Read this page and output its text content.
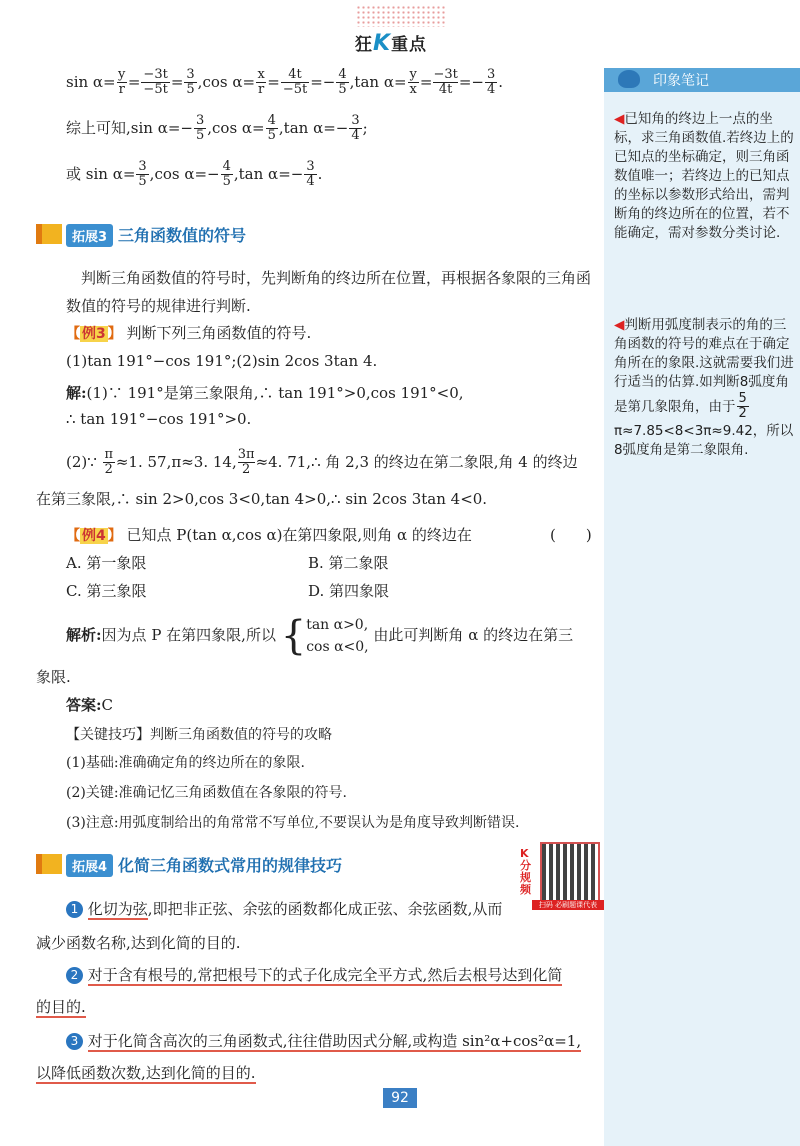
狂K重点
印象笔记
◀已知角的终边上一点的坐标，求三角函数值.若终边上的已知点的坐标确定，则三角函数值唯一；若终边上的已知点的坐标以参数形式给出，需判断角的终边所在的位置，若不能确定，需对参数分类讨论.
◀判断用弧度制表示的角的三角函数的符号的难点在于确定角所在的象限.这就需要我们进行适当的估算.如判断8弧度角是第几象限角，由于 $\frac{5}{2}$
π≈7.85<8<3π≈9.42，所以8弧度角是第二象限角.
$\sin \alpha= \frac{y}{r} = \frac{-3t}{-5t} = \frac{3}{5} ,\cos$ $\alpha= \frac{x}{r} = \frac{4t}{-5t} =- \frac{4}{5} ,\tan$ $\alpha= \frac{y}{x} = \frac{-3t}{4t} =- \frac{3}{4}$ .
综上可知,sin $\alpha=- \frac{3}{5} ,\cos$ $\alpha= \frac{4}{5} ,\tan$ $\alpha=- \frac{3}{4}$ ;
或 $\sin \alpha= \frac{3}{5} ,\cos$ $\alpha=- \frac{4}{5} ,\tan$ $\alpha=- \frac{3}{4}$ .
拓展3 三角函数值的符号
判断三角函数值的符号时，先判断角的终边所在位置，再根据各象限的三角函数值的符号的规律进行判断.
【 例3 】 判断下列三角函数值的符号.
(1)tan 191°−cos 191°;(2)sin 2cos 3tan 4.
解:(1)∵ 191°是第三象限角,∴ tan 191°>0,cos 191°<0,
∴ tan 191°−cos 191°>0.
(2)∵ $\frac{\pi}{2} \approx 1$. 57,π≈3. 14, $\frac{3\pi}{2} \approx 4$. 71,∴ 角 2,3 的终边在第二象限,角 4 的终边
在第三象限,∴ sin 2>0,cos 3<0,tan 4>0,∴ sin 2cos 3tan 4<0.
【 例4 】 已知点 P(tan α,cos α)在第四象限,则角 α 的终边在	(　　)
A. 第一象限	B. 第二象限
C. 第三象限	D. 第四象限
解析:因为点 P 在第四象限,所以 { tan α>0,
cos α<0,
由此可判断角 α 的终边在第三
象限.
答案:C
【关键技巧】判断三角函数值的符号的攻略
(1)基础:准确确定角的终边所在的象限.
(2)关键:准确记忆三角函数值在各象限的符号.
(3)注意:用弧度制给出的角常常不写单位,不要误认为是角度导致判断错误.
拓展4 化简三角函数式常用的规律技巧
K分规频
扫码 必刷题课代表
1 化切为弦,即把非正弦、余弦的函数都化成正弦、余弦函数,从而
减少函数名称,达到化简的目的.
2 对于含有根号的,常把根号下的式子化成完全平方式,然后去根号达到化简
的目的.
3 对于化简含高次的三角函数式,往往借助因式分解,或构造 sin²α+cos²α=1,
以降低函数次数,达到化简的目的.
92
